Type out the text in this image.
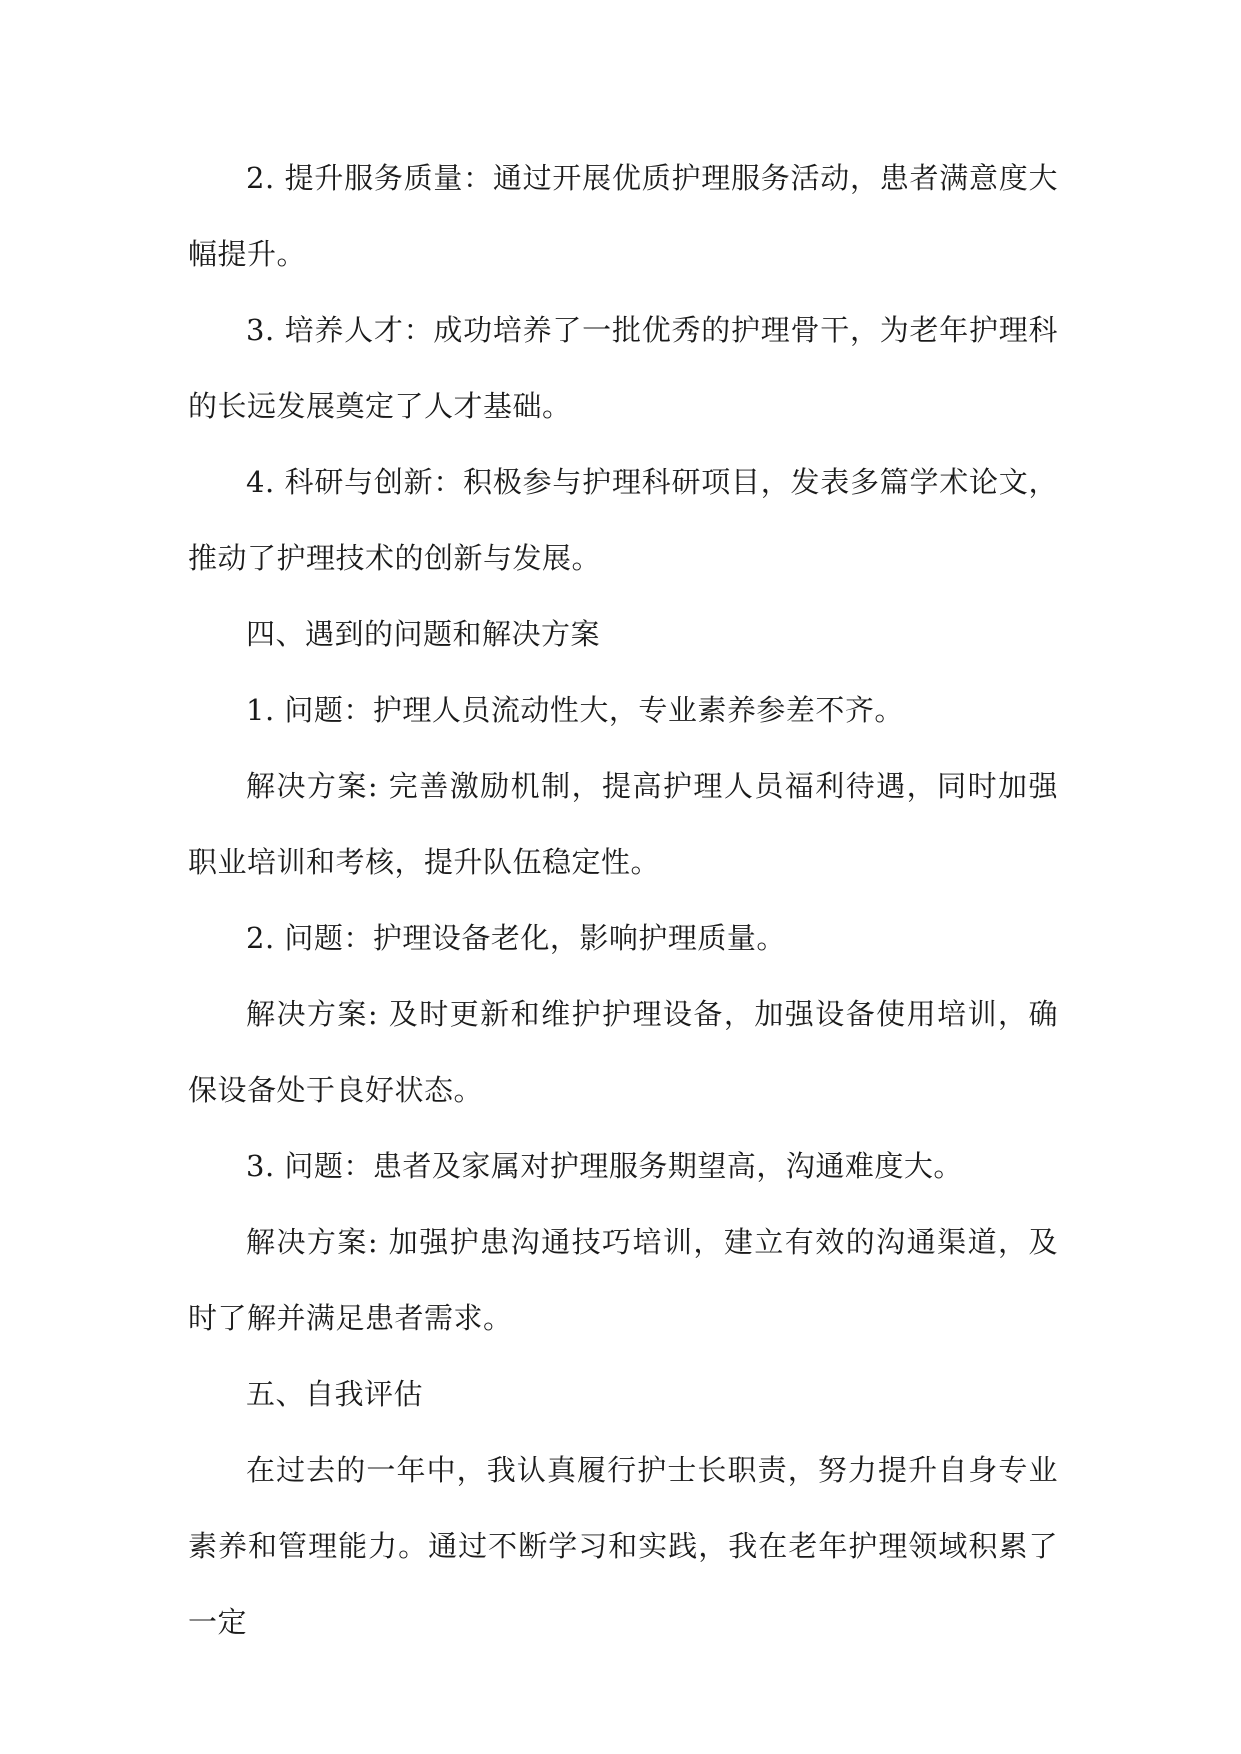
2. 提升服务质量：通过开展优质护理服务活动，患者满意度大幅提升。

3. 培养人才：成功培养了一批优秀的护理骨干，为老年护理科的长远发展奠定了人才基础。

4. 科研与创新：积极参与护理科研项目，发表多篇学术论文，推动了护理技术的创新与发展。

四、遇到的问题和解决方案

1. 问题：护理人员流动性大，专业素养参差不齐。

解决方案: 完善激励机制，提高护理人员福利待遇，同时加强职业培训和考核，提升队伍稳定性。

2. 问题：护理设备老化，影响护理质量。

解决方案: 及时更新和维护护理设备，加强设备使用培训，确保设备处于良好状态。

3. 问题：患者及家属对护理服务期望高，沟通难度大。

解决方案: 加强护患沟通技巧培训，建立有效的沟通渠道，及时了解并满足患者需求。

五、自我评估

在过去的一年中，我认真履行护士长职责，努力提升自身专业素养和管理能力。通过不断学习和实践，我在老年护理领域积累了一定
